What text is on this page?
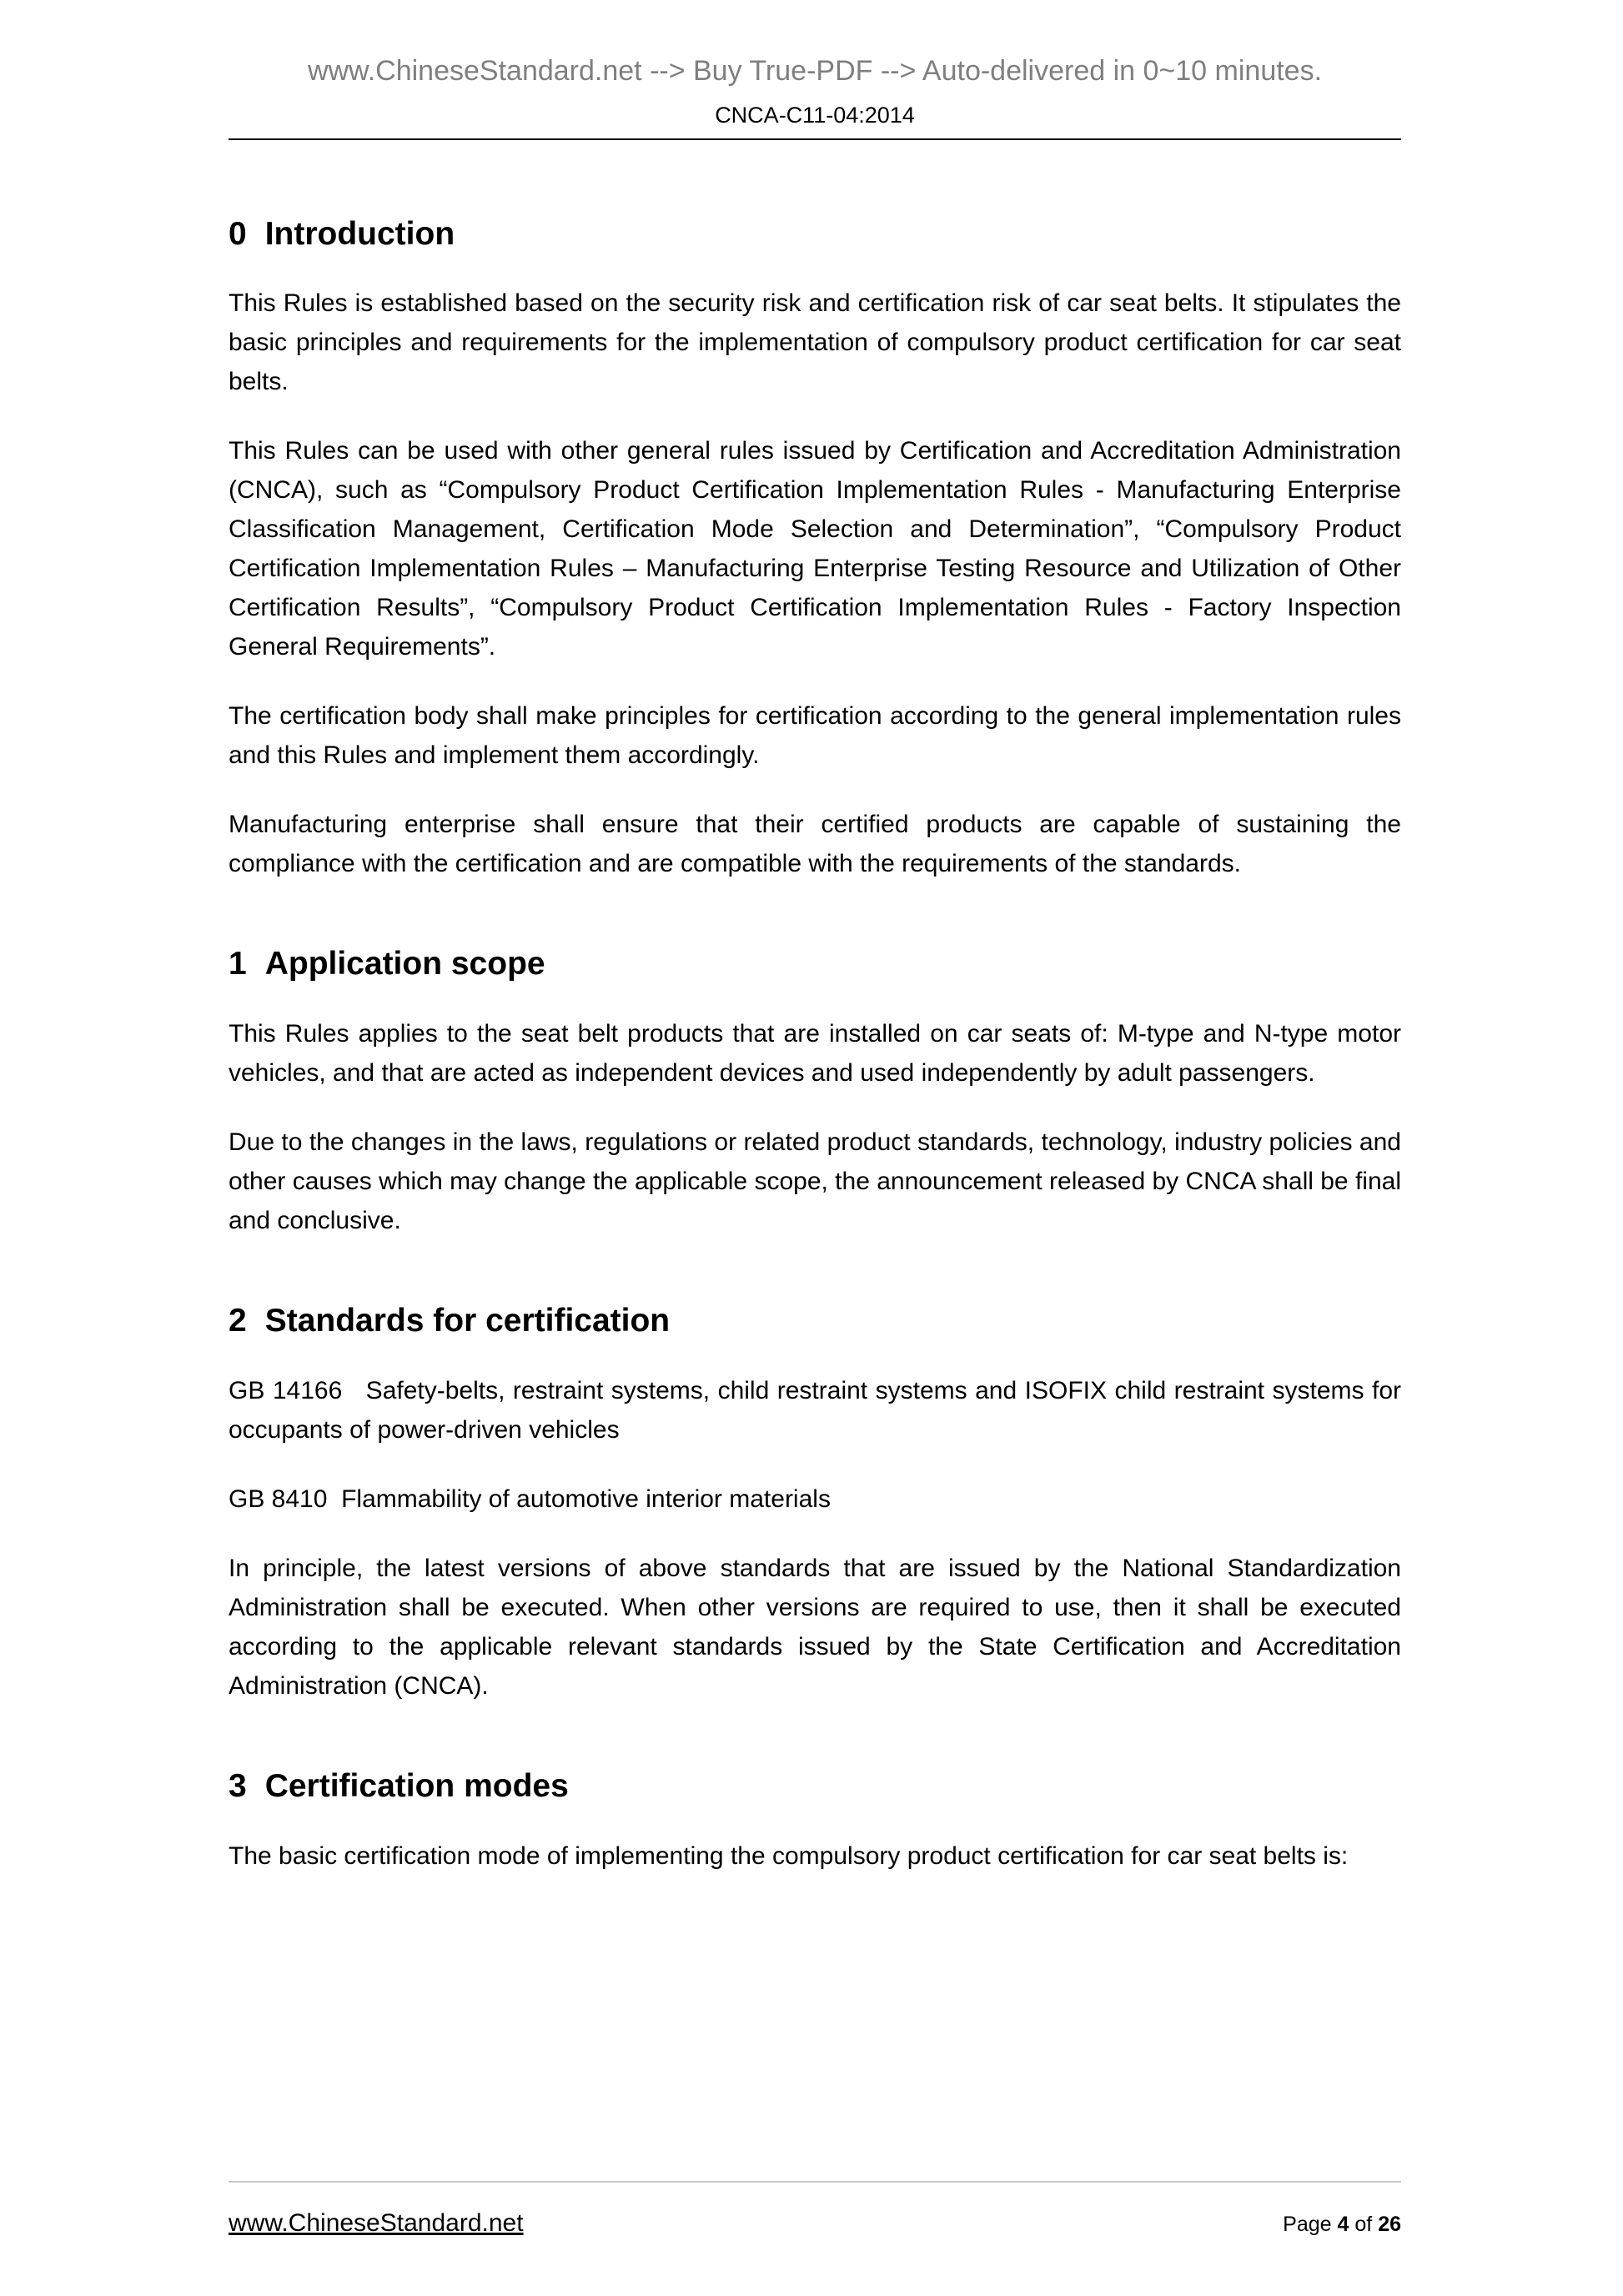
www.ChineseStandard.net --> Buy True-PDF --> Auto-delivered in 0~10 minutes.
CNCA-C11-04:2014
0 Introduction

This Rules is established based on the security risk and certification risk of car seat belts. It stipulates the basic principles and requirements for the implementation of compulsory product certification for car seat belts.

This Rules can be used with other general rules issued by Certification and Accreditation Administration (CNCA), such as “Compulsory Product Certification Implementation Rules - Manufacturing Enterprise Classification Management, Certification Mode Selection and Determination”, “Compulsory Product Certification Implementation Rules – Manufacturing Enterprise Testing Resource and Utilization of Other Certification Results”, “Compulsory Product Certification Implementation Rules - Factory Inspection General Requirements”.

The certification body shall make principles for certification according to the general implementation rules and this Rules and implement them accordingly.

Manufacturing enterprise shall ensure that their certified products are capable of sustaining the compliance with the certification and are compatible with the requirements of the standards.

1 Application scope

This Rules applies to the seat belt products that are installed on car seats of: M-type and N-type motor vehicles, and that are acted as independent devices and used independently by adult passengers.

Due to the changes in the laws, regulations or related product standards, technology, industry policies and other causes which may change the applicable scope, the announcement released by CNCA shall be final and conclusive.

2 Standards for certification

GB 14166   Safety-belts, restraint systems, child restraint systems and ISOFIX child restraint systems for occupants of power-driven vehicles

GB 8410  Flammability of automotive interior materials

In principle, the latest versions of above standards that are issued by the National Standardization Administration shall be executed. When other versions are required to use, then it shall be executed according to the applicable relevant standards issued by the State Certification and Accreditation Administration (CNCA).

3 Certification modes

The basic certification mode of implementing the compulsory product certification for car seat belts is:

www.ChineseStandard.net	Page 4 of 26
